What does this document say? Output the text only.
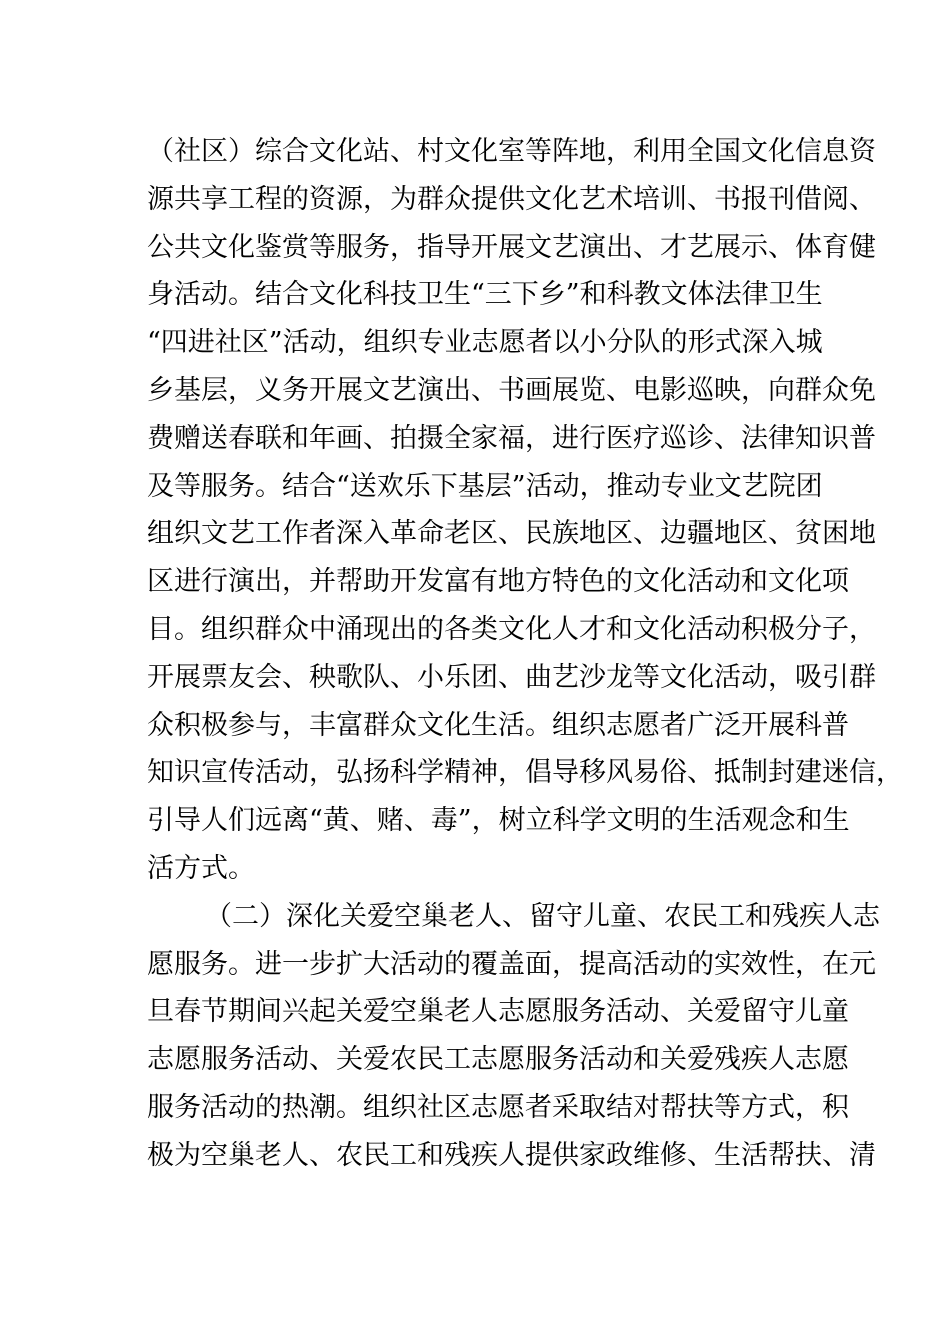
（社区）综合文化站、村文化室等阵地，利用全国文化信息资
源共享工程的资源，为群众提供文化艺术培训、书报刊借阅、
公共文化鉴赏等服务，指导开展文艺演出、才艺展示、体育健
身活动。结合文化科技卫生“三下乡”和科教文体法律卫生
“四进社区”活动，组织专业志愿者以小分队的形式深入城
乡基层，义务开展文艺演出、书画展览、电影巡映，向群众免
费赠送春联和年画、拍摄全家福，进行医疗巡诊、法律知识普
及等服务。结合“送欢乐下基层”活动，推动专业文艺院团
组织文艺工作者深入革命老区、民族地区、边疆地区、贫困地
区进行演出，并帮助开发富有地方特色的文化活动和文化项
目。组织群众中涌现出的各类文化人才和文化活动积极分子，
开展票友会、秧歌队、小乐团、曲艺沙龙等文化活动，吸引群
众积极参与，丰富群众文化生活。组织志愿者广泛开展科普
知识宣传活动，弘扬科学精神，倡导移风易俗、抵制封建迷信，
引导人们远离“黄、赌、毒”，树立科学文明的生活观念和生
活方式。
（二）深化关爱空巢老人、留守儿童、农民工和残疾人志
愿服务。进一步扩大活动的覆盖面，提高活动的实效性，在元
旦春节期间兴起关爱空巢老人志愿服务活动、关爱留守儿童
志愿服务活动、关爱农民工志愿服务活动和关爱残疾人志愿
服务活动的热潮。组织社区志愿者采取结对帮扶等方式，积
极为空巢老人、农民工和残疾人提供家政维修、生活帮扶、清
